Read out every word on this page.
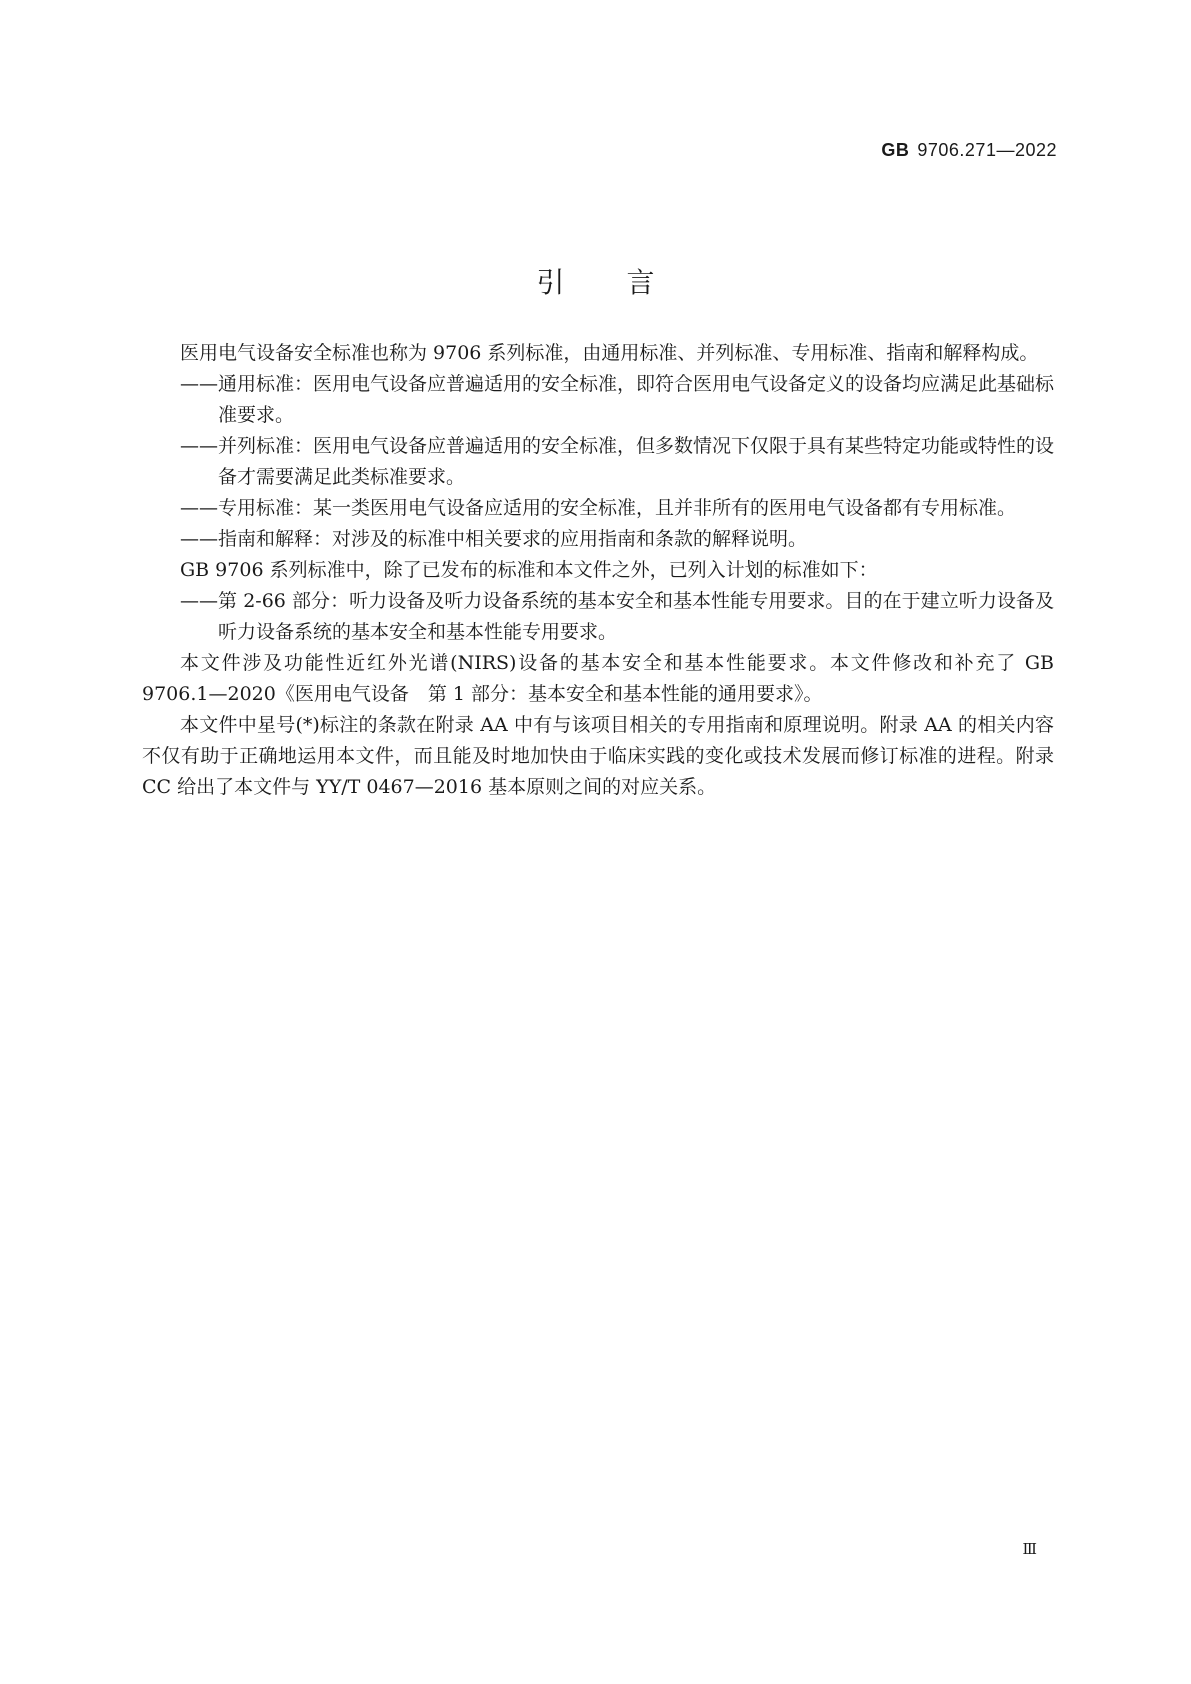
GB 9706.271—2022
引言

医用电气设备安全标准也称为 9706 系列标准，由通用标准、并列标准、专用标准、指南和解释构成。

——通用标准：医用电气设备应普遍适用的安全标准，即符合医用电气设备定义的设备均应满足此基础标准要求。

——并列标准：医用电气设备应普遍适用的安全标准，但多数情况下仅限于具有某些特定功能或特性的设备才需要满足此类标准要求。

——专用标准：某一类医用电气设备应适用的安全标准，且并非所有的医用电气设备都有专用标准。

——指南和解释：对涉及的标准中相关要求的应用指南和条款的解释说明。

GB 9706 系列标准中，除了已发布的标准和本文件之外，已列入计划的标准如下：

——第 2-66 部分：听力设备及听力设备系统的基本安全和基本性能专用要求。目的在于建立听力设备及听力设备系统的基本安全和基本性能专用要求。

本文件涉及功能性近红外光谱(NIRS)设备的基本安全和基本性能要求。本文件修改和补充了 GB 9706.1—2020《医用电气设备　第 1 部分：基本安全和基本性能的通用要求》。

本文件中星号(*)标注的条款在附录 AA 中有与该项目相关的专用指南和原理说明。附录 AA 的相关内容不仅有助于正确地运用本文件，而且能及时地加快由于临床实践的变化或技术发展而修订标准的进程。附录 CC 给出了本文件与 YY/T 0467—2016 基本原则之间的对应关系。

Ⅲ
